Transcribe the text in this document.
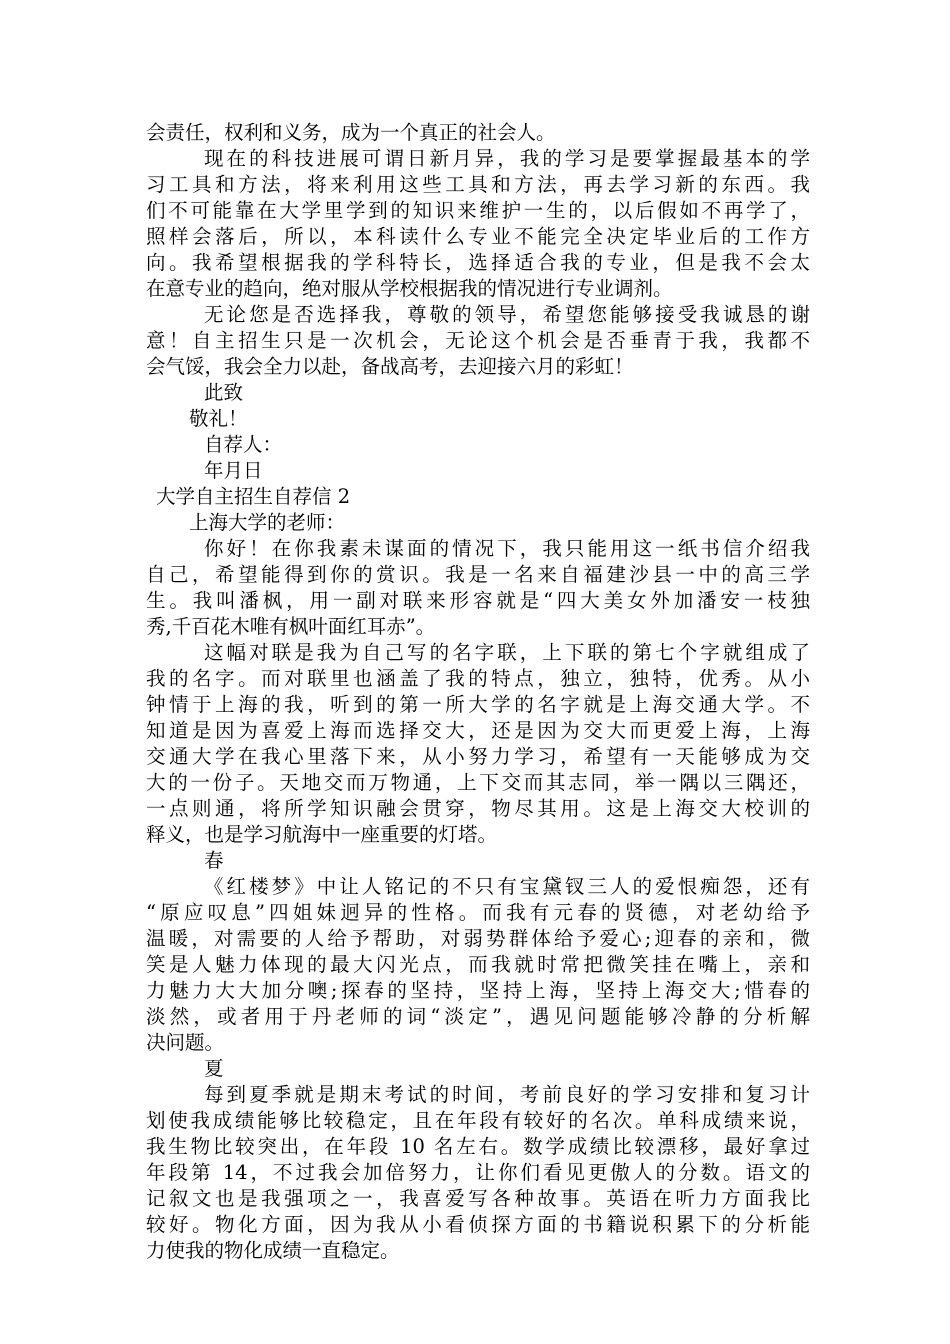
会责任，权利和义务，成为一个真正的社会人。
现在的科技进展可谓日新月异，我的学习是要掌握最基本的学
习工具和方法，将来利用这些工具和方法，再去学习新的东西。我
们不可能靠在大学里学到的知识来维护一生的，以后假如不再学了，
照样会落后，所以，本科读什么专业不能完全决定毕业后的工作方
向。我希望根据我的学科特长，选择适合我的专业，但是我不会太
在意专业的趋向，绝对服从学校根据我的情况进行专业调剂。
无论您是否选择我，尊敬的领导，希望您能够接受我诚恳的谢
意！自主招生只是一次机会，无论这个机会是否垂青于我，我都不
会气馁，我会全力以赴，备战高考，去迎接六月的彩虹！
此致
敬礼！
自荐人：
年月日
大学自主招生自荐信 2
上海大学的老师：
你好！在你我素未谋面的情况下，我只能用这一纸书信介绍我
自己，希望能得到你的赏识。我是一名来自福建沙县一中的高三学
生。我叫潘枫，用一副对联来形容就是“四大美女外加潘安一枝独
秀,千百花木唯有枫叶面红耳赤”。
这幅对联是我为自己写的名字联，上下联的第七个字就组成了
我的名字。而对联里也涵盖了我的特点，独立，独特，优秀。从小
钟情于上海的我，听到的第一所大学的名字就是上海交通大学。不
知道是因为喜爱上海而选择交大，还是因为交大而更爱上海，上海
交通大学在我心里落下来，从小努力学习，希望有一天能够成为交
大的一份子。天地交而万物通，上下交而其志同，举一隅以三隅还，
一点则通，将所学知识融会贯穿，物尽其用。这是上海交大校训的
释义，也是学习航海中一座重要的灯塔。
春
《红楼梦》中让人铭记的不只有宝黛钗三人的爱恨痴怨，还有
“原应叹息”四姐妹迥异的性格。而我有元春的贤德，对老幼给予
温暖，对需要的人给予帮助，对弱势群体给予爱心;迎春的亲和，微
笑是人魅力体现的最大闪光点，而我就时常把微笑挂在嘴上，亲和
力魅力大大加分噢;探春的坚持，坚持上海，坚持上海交大;惜春的
淡然，或者用于丹老师的词“淡定”，遇见问题能够冷静的分析解
决问题。
夏
每到夏季就是期末考试的时间，考前良好的学习安排和复习计
划使我成绩能够比较稳定，且在年段有较好的名次。单科成绩来说，
我生物比较突出，在年段 10 名左右。数学成绩比较漂移，最好拿过
年段第 14，不过我会加倍努力，让你们看见更傲人的分数。语文的
记叙文也是我强项之一，我喜爱写各种故事。英语在听力方面我比
较好。物化方面，因为我从小看侦探方面的书籍说积累下的分析能
力使我的物化成绩一直稳定。
